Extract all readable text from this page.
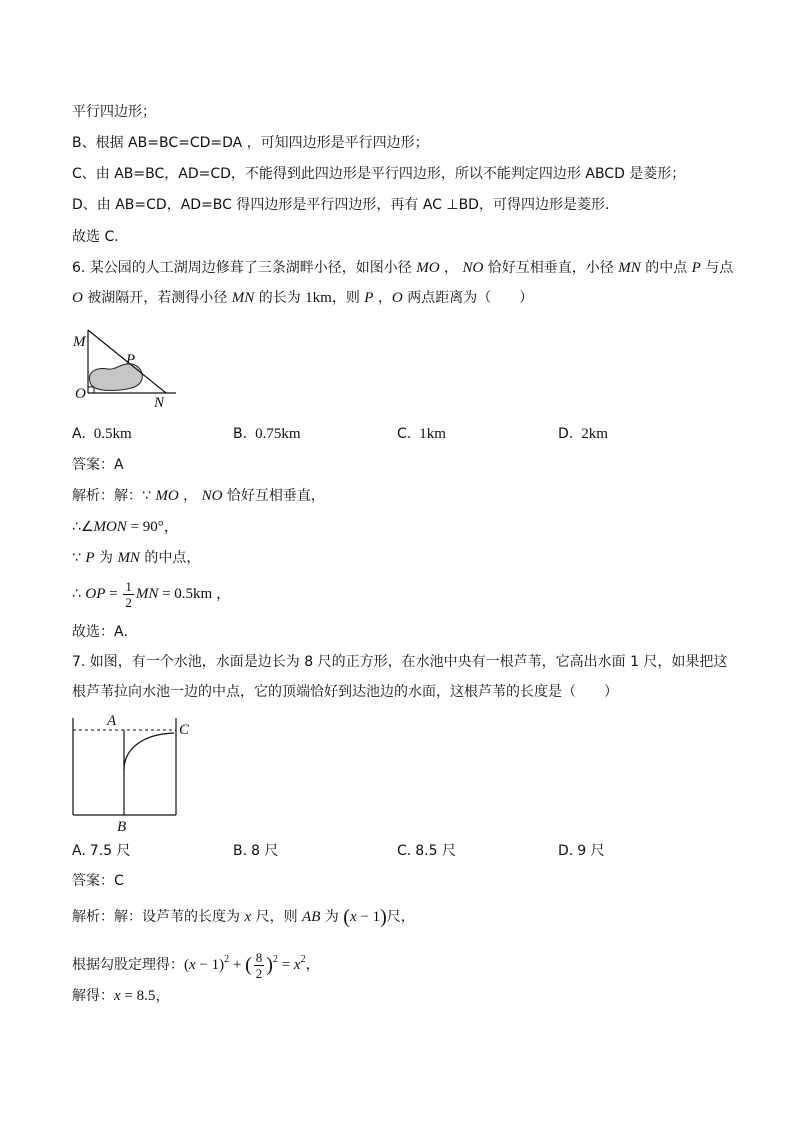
平行四边形；
B、根据 AB=BC=CD=DA ，可知四边形是平行四边形；
C、由 AB=BC，AD=CD，不能得到此四边形是平行四边形，所以不能判定四边形 ABCD 是菱形；
D、由 AB=CD，AD=BC 得四边形是平行四边形，再有 AC ⊥BD，可得四边形是菱形．
故选 C．
6. 某公园的人工湖周边修葺了三条湖畔小径，如图小径 MO ， NO 恰好互相垂直，小径 MN 的中点 P 与点
O 被湖隔开，若测得小径 MN 的长为 1km，则 P ，O 两点距离为（　　）
M
P
O
N
A. 0.5km	B. 0.75km	C. 1km	D. 2km
答案：A
解析：解：∵ MO ， NO 恰好互相垂直，
∴∠MON = 90°，
∵ P 为 MN 的中点，
∴ OP = $\frac{1}{2}$ MN = 0.5km ，
故选：A．
7. 如图，有一个水池，水面是边长为 8 尺的正方形，在水池中央有一根芦苇，它高出水面 1 尺，如果把这
根芦苇拉向水池一边的中点，它的顶端恰好到达池边的水面，这根芦苇的长度是（　　）
A
C
B
A. 7.5 尺	B. 8 尺	C. 8.5 尺	D. 9 尺
答案：C
解析：解：设芦苇的长度为 x 尺，则 AB 为 (x − 1)尺，
根据勾股定理得：$(x - 1)^2$ + ( $\frac{8}{2} )^2 = x^2$，
解得：x = 8.5，
